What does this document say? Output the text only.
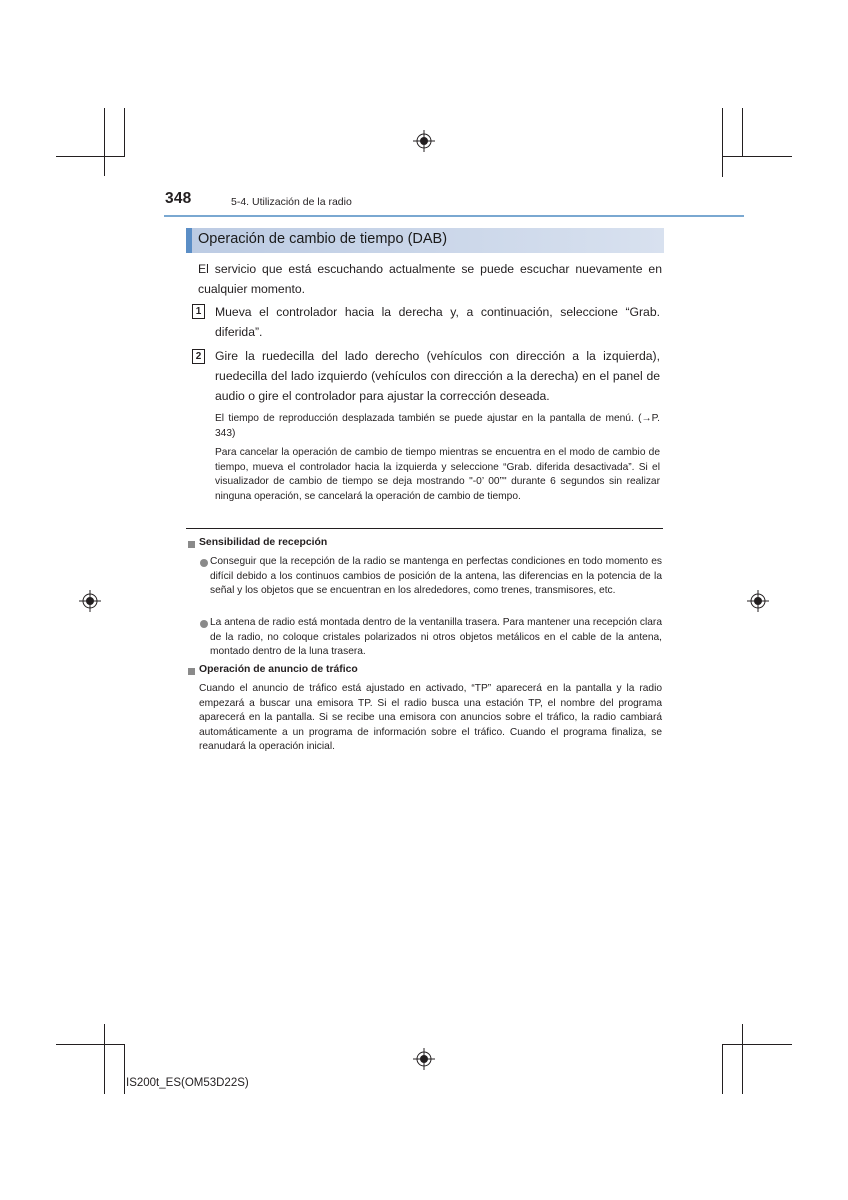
348	5-4. Utilización de la radio
Operación de cambio de tiempo (DAB)
El servicio que está escuchando actualmente se puede escuchar nuevamente en cualquier momento.
1	Mueva el controlador hacia la derecha y, a continuación, seleccione “Grab. diferida”.
2	Gire la ruedecilla del lado derecho (vehículos con dirección a la izquierda), ruedecilla del lado izquierdo (vehículos con dirección a la derecha) en el panel de audio o gire el controlador para ajustar la corrección deseada.
El tiempo de reproducción desplazada también se puede ajustar en la pantalla de menú. (→P. 343)
Para cancelar la operación de cambio de tiempo mientras se encuentra en el modo de cambio de tiempo, mueva el controlador hacia la izquierda y seleccione “Grab. diferida desactivada”. Si el visualizador de cambio de tiempo se deja mostrando "-0’ 00”" durante 6 segundos sin realizar ninguna operación, se cancelará la operación de cambio de tiempo.
Sensibilidad de recepción
Conseguir que la recepción de la radio se mantenga en perfectas condiciones en todo momento es difícil debido a los continuos cambios de posición de la antena, las diferencias en la potencia de la señal y los objetos que se encuentran en los alrededores, como trenes, transmisores, etc.
La antena de radio está montada dentro de la ventanilla trasera. Para mantener una recepción clara de la radio, no coloque cristales polarizados ni otros objetos metálicos en el cable de la antena, montado dentro de la luna trasera.
Operación de anuncio de tráfico
Cuando el anuncio de tráfico está ajustado en activado, “TP” aparecerá en la pantalla y la radio empezará a buscar una emisora TP. Si el radio busca una estación TP, el nombre del programa aparecerá en la pantalla. Si se recibe una emisora con anuncios sobre el tráfico, la radio cambiará automáticamente a un programa de información sobre el tráfico. Cuando el programa finaliza, se reanudará la operación inicial.
IS200t_ES(OM53D22S)
